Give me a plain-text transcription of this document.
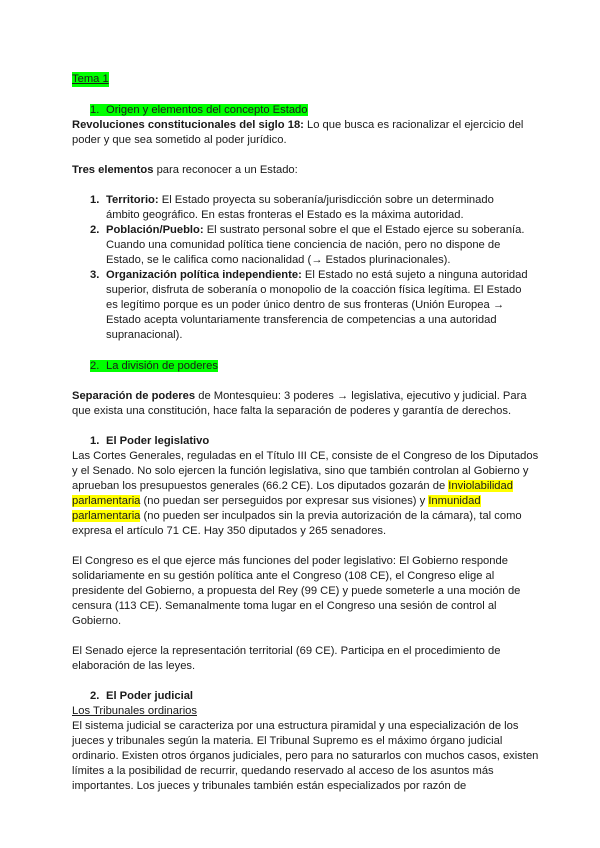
Tema 1

1. Origen y elementos del concepto Estado

Revoluciones constitucionales del siglo 18: Lo que busca es racionalizar el ejercicio del poder y que sea sometido al poder jurídico.

Tres elementos para reconocer a un Estado:

1. Territorio: El Estado proyecta su soberanía/jurisdicción sobre un determinado ámbito geográfico. En estas fronteras el Estado es la máxima autoridad.
2. Población/Pueblo: El sustrato personal sobre el que el Estado ejerce su soberanía. Cuando una comunidad política tiene conciencia de nación, pero no dispone de Estado, se le califica como nacionalidad (→ Estados plurinacionales).
3. Organización política independiente: El Estado no está sujeto a ninguna autoridad superior, disfruta de soberanía o monopolio de la coacción física legítima. El Estado es legítimo porque es un poder único dentro de sus fronteras (Unión Europea → Estado acepta voluntariamente transferencia de competencias a una autoridad supranacional).

2. La división de poderes

Separación de poderes de Montesquieu: 3 poderes → legislativa, ejecutivo y judicial. Para que exista una constitución, hace falta la separación de poderes y garantía de derechos.

1. El Poder legislativo

Las Cortes Generales, reguladas en el Título III CE, consiste de el Congreso de los Diputados y el Senado. No solo ejercen la función legislativa, sino que también controlan al Gobierno y aprueban los presupuestos generales (66.2 CE). Los diputados gozarán de Inviolabilidad parlamentaria (no puedan ser perseguidos por expresar sus visiones) y Inmunidad parlamentaria (no pueden ser inculpados sin la previa autorización de la cámara), tal como expresa el artículo 71 CE. Hay 350 diputados y 265 senadores.

El Congreso es el que ejerce más funciones del poder legislativo: El Gobierno responde solidariamente en su gestión política ante el Congreso (108 CE), el Congreso elige al presidente del Gobierno, a propuesta del Rey (99 CE) y puede someterle a una moción de censura (113 CE). Semanalmente toma lugar en el Congreso una sesión de control al Gobierno.

El Senado ejerce la representación territorial (69 CE). Participa en el procedimiento de elaboración de las leyes.

2. El Poder judicial

Los Tribunales ordinarios

El sistema judicial se caracteriza por una estructura piramidal y una especialización de los jueces y tribunales según la materia. El Tribunal Supremo es el máximo órgano judicial ordinario. Existen otros órganos judiciales, pero para no saturarlos con muchos casos, existen límites a la posibilidad de recurrir, quedando reservado al acceso de los asuntos más importantes. Los jueces y tribunales también están especializados por razón de
